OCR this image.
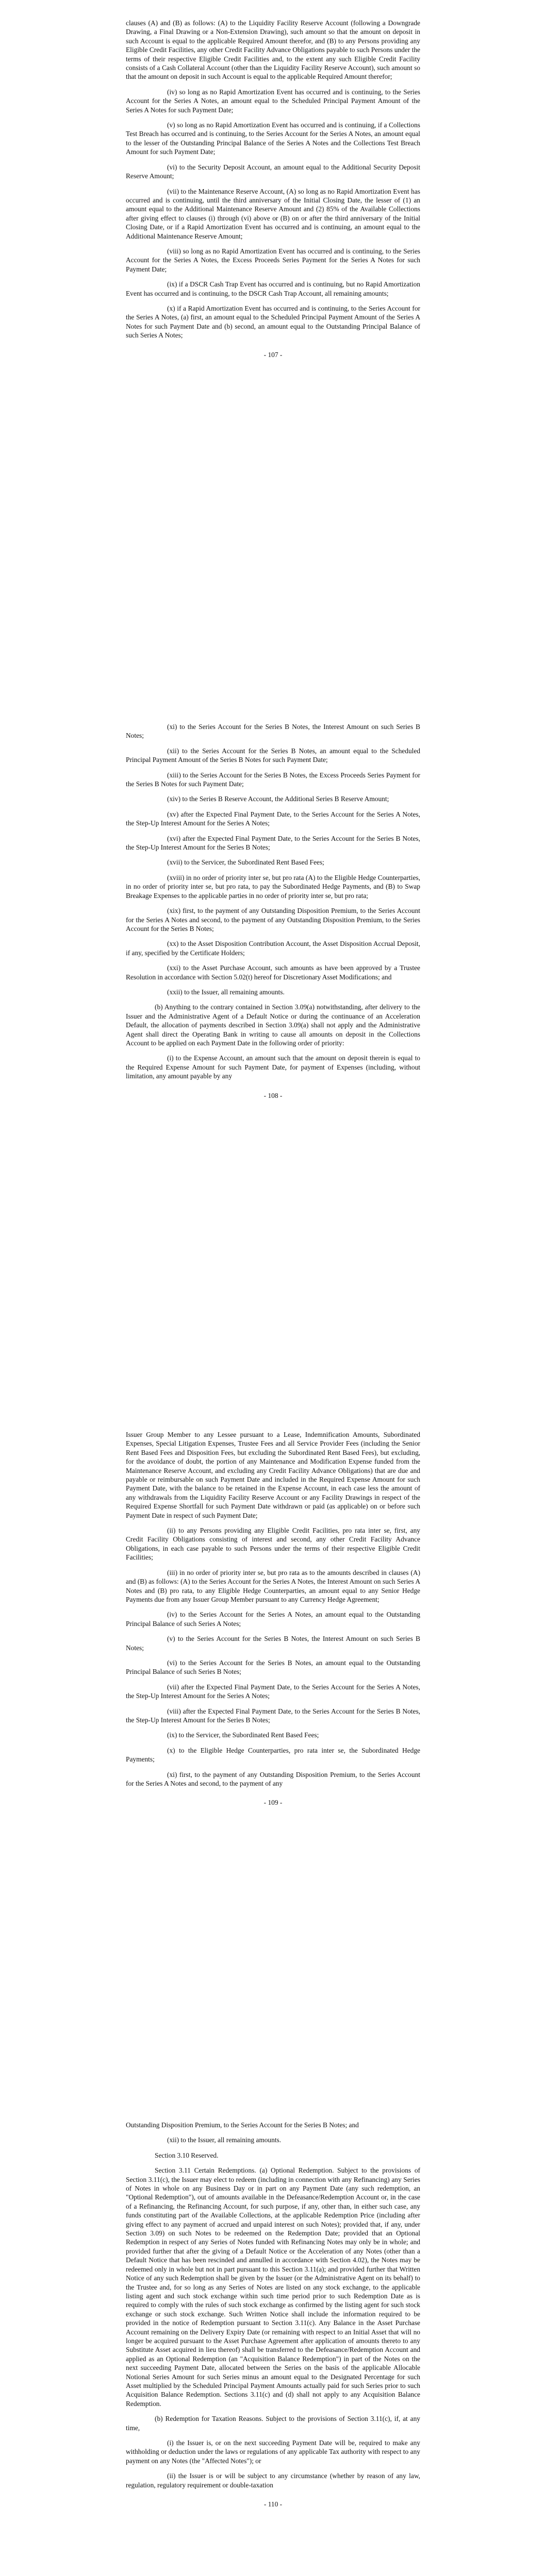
clauses (A) and (B) as follows: (A) to the Liquidity Facility Reserve Account (following a Downgrade Drawing, a Final Drawing or a Non-Extension Drawing), such amount so that the amount on deposit in such Account is equal to the applicable Required Amount therefor, and (B) to any Persons providing any Eligible Credit Facilities, any other Credit Facility Advance Obligations payable to such Persons under the terms of their respective Eligible Credit Facilities and, to the extent any such Eligible Credit Facility consists of a Cash Collateral Account (other than the Liquidity Facility Reserve Account), such amount so that the amount on deposit in such Account is equal to the applicable Required Amount therefor;

(iv) so long as no Rapid Amortization Event has occurred and is continuing, to the Series Account for the Series A Notes, an amount equal to the Scheduled Principal Payment Amount of the Series A Notes for such Payment Date;

(v) so long as no Rapid Amortization Event has occurred and is continuing, if a Collections Test Breach has occurred and is continuing, to the Series Account for the Series A Notes, an amount equal to the lesser of the Outstanding Principal Balance of the Series A Notes and the Collections Test Breach Amount for such Payment Date;

(vi) to the Security Deposit Account, an amount equal to the Additional Security Deposit Reserve Amount;

(vii) to the Maintenance Reserve Account, (A) so long as no Rapid Amortization Event has occurred and is continuing, until the third anniversary of the Initial Closing Date, the lesser of (1) an amount equal to the Additional Maintenance Reserve Amount and (2) 85% of the Available Collections after giving effect to clauses (i) through (vi) above or (B) on or after the third anniversary of the Initial Closing Date, or if a Rapid Amortization Event has occurred and is continuing, an amount equal to the Additional Maintenance Reserve Amount;

(viii) so long as no Rapid Amortization Event has occurred and is continuing, to the Series Account for the Series A Notes, the Excess Proceeds Series Payment for the Series A Notes for such Payment Date;

(ix) if a DSCR Cash Trap Event has occurred and is continuing, but no Rapid Amortization Event has occurred and is continuing, to the DSCR Cash Trap Account, all remaining amounts;

(x) if a Rapid Amortization Event has occurred and is continuing, to the Series Account for the Series A Notes, (a) first, an amount equal to the Scheduled Principal Payment Amount of the Series A Notes for such Payment Date and (b) second, an amount equal to the Outstanding Principal Balance of such Series A Notes;

- 107 -

(xi) to the Series Account for the Series B Notes, the Interest Amount on such Series B Notes;

(xii) to the Series Account for the Series B Notes, an amount equal to the Scheduled Principal Payment Amount of the Series B Notes for such Payment Date;

(xiii) to the Series Account for the Series B Notes, the Excess Proceeds Series Payment for the Series B Notes for such Payment Date;

(xiv) to the Series B Reserve Account, the Additional Series B Reserve Amount;

(xv) after the Expected Final Payment Date, to the Series Account for the Series A Notes, the Step-Up Interest Amount for the Series A Notes;

(xvi) after the Expected Final Payment Date, to the Series Account for the Series B Notes, the Step-Up Interest Amount for the Series B Notes;

(xvii) to the Servicer, the Subordinated Rent Based Fees;

(xviii) in no order of priority inter se, but pro rata (A) to the Eligible Hedge Counterparties, in no order of priority inter se, but pro rata, to pay the Subordinated Hedge Payments, and (B) to Swap Breakage Expenses to the applicable parties in no order of priority inter se, but pro rata;

(xix) first, to the payment of any Outstanding Disposition Premium, to the Series Account for the Series A Notes and second, to the payment of any Outstanding Disposition Premium, to the Series Account for the Series B Notes;

(xx) to the Asset Disposition Contribution Account, the Asset Disposition Accrual Deposit, if any, specified by the Certificate Holders;

(xxi) to the Asset Purchase Account, such amounts as have been approved by a Trustee Resolution in accordance with Section 5.02(t) hereof for Discretionary Asset Modifications; and

(xxii) to the Issuer, all remaining amounts.

(b) Anything to the contrary contained in Section 3.09(a) notwithstanding, after delivery to the Issuer and the Administrative Agent of a Default Notice or during the continuance of an Acceleration Default, the allocation of payments described in Section 3.09(a) shall not apply and the Administrative Agent shall direct the Operating Bank in writing to cause all amounts on deposit in the Collections Account to be applied on each Payment Date in the following order of priority:

(i) to the Expense Account, an amount such that the amount on deposit therein is equal to the Required Expense Amount for such Payment Date, for payment of Expenses (including, without limitation, any amount payable by any

- 108 -

Issuer Group Member to any Lessee pursuant to a Lease, Indemnification Amounts, Subordinated Expenses, Special Litigation Expenses, Trustee Fees and all Service Provider Fees (including the Senior Rent Based Fees and Disposition Fees, but excluding the Subordinated Rent Based Fees), but excluding, for the avoidance of doubt, the portion of any Maintenance and Modification Expense funded from the Maintenance Reserve Account, and excluding any Credit Facility Advance Obligations) that are due and payable or reimbursable on such Payment Date and included in the Required Expense Amount for such Payment Date, with the balance to be retained in the Expense Account, in each case less the amount of any withdrawals from the Liquidity Facility Reserve Account or any Facility Drawings in respect of the Required Expense Shortfall for such Payment Date withdrawn or paid (as applicable) on or before such Payment Date in respect of such Payment Date;

(ii) to any Persons providing any Eligible Credit Facilities, pro rata inter se, first, any Credit Facility Obligations consisting of interest and second, any other Credit Facility Advance Obligations, in each case payable to such Persons under the terms of their respective Eligible Credit Facilities;

(iii) in no order of priority inter se, but pro rata as to the amounts described in clauses (A) and (B) as follows: (A) to the Series Account for the Series A Notes, the Interest Amount on such Series A Notes and (B) pro rata, to any Eligible Hedge Counterparties, an amount equal to any Senior Hedge Payments due from any Issuer Group Member pursuant to any Currency Hedge Agreement;

(iv) to the Series Account for the Series A Notes, an amount equal to the Outstanding Principal Balance of such Series A Notes;

(v) to the Series Account for the Series B Notes, the Interest Amount on such Series B Notes;

(vi) to the Series Account for the Series B Notes, an amount equal to the Outstanding Principal Balance of such Series B Notes;

(vii) after the Expected Final Payment Date, to the Series Account for the Series A Notes, the Step-Up Interest Amount for the Series A Notes;

(viii) after the Expected Final Payment Date, to the Series Account for the Series B Notes, the Step-Up Interest Amount for the Series B Notes;

(ix) to the Servicer, the Subordinated Rent Based Fees;

(x) to the Eligible Hedge Counterparties, pro rata inter se, the Subordinated Hedge Payments;

(xi) first, to the payment of any Outstanding Disposition Premium, to the Series Account for the Series A Notes and second, to the payment of any

- 109 -

Outstanding Disposition Premium, to the Series Account for the Series B Notes; and

(xii) to the Issuer, all remaining amounts.

Section 3.10 Reserved.

Section 3.11 Certain Redemptions. (a) Optional Redemption. Subject to the provisions of Section 3.11(c), the Issuer may elect to redeem (including in connection with any Refinancing) any Series of Notes in whole on any Business Day or in part on any Payment Date (any such redemption, an "Optional Redemption"), out of amounts available in the Defeasance/Redemption Account or, in the case of a Refinancing, the Refinancing Account, for such purpose, if any, other than, in either such case, any funds constituting part of the Available Collections, at the applicable Redemption Price (including after giving effect to any payment of accrued and unpaid interest on such Notes); provided that, if any, under Section 3.09) on such Notes to be redeemed on the Redemption Date; provided that an Optional Redemption in respect of any Series of Notes funded with Refinancing Notes may only be in whole; and provided further that after the giving of a Default Notice or the Acceleration of any Notes (other than a Default Notice that has been rescinded and annulled in accordance with Section 4.02), the Notes may be redeemed only in whole but not in part pursuant to this Section 3.11(a); and provided further that Written Notice of any such Redemption shall be given by the Issuer (or the Administrative Agent on its behalf) to the Trustee and, for so long as any Series of Notes are listed on any stock exchange, to the applicable listing agent and such stock exchange within such time period prior to such Redemption Date as is required to comply with the rules of such stock exchange as confirmed by the listing agent for such stock exchange or such stock exchange. Such Written Notice shall include the information required to be provided in the notice of Redemption pursuant to Section 3.11(c). Any Balance in the Asset Purchase Account remaining on the Delivery Expiry Date (or remaining with respect to an Initial Asset that will no longer be acquired pursuant to the Asset Purchase Agreement after application of amounts thereto to any Substitute Asset acquired in lieu thereof) shall be transferred to the Defeasance/Redemption Account and applied as an Optional Redemption (an "Acquisition Balance Redemption") in part of the Notes on the next succeeding Payment Date, allocated between the Series on the basis of the applicable Allocable Notional Series Amount for such Series minus an amount equal to the Designated Percentage for such Asset multiplied by the Scheduled Principal Payment Amounts actually paid for such Series prior to such Acquisition Balance Redemption. Sections 3.11(c) and (d) shall not apply to any Acquisition Balance Redemption.

(b) Redemption for Taxation Reasons. Subject to the provisions of Section 3.11(c), if, at any time,

(i) the Issuer is, or on the next succeeding Payment Date will be, required to make any withholding or deduction under the laws or regulations of any applicable Tax authority with respect to any payment on any Notes (the "Affected Notes"); or

(ii) the Issuer is or will be subject to any circumstance (whether by reason of any law, regulation, regulatory requirement or double-taxation

- 110 -
